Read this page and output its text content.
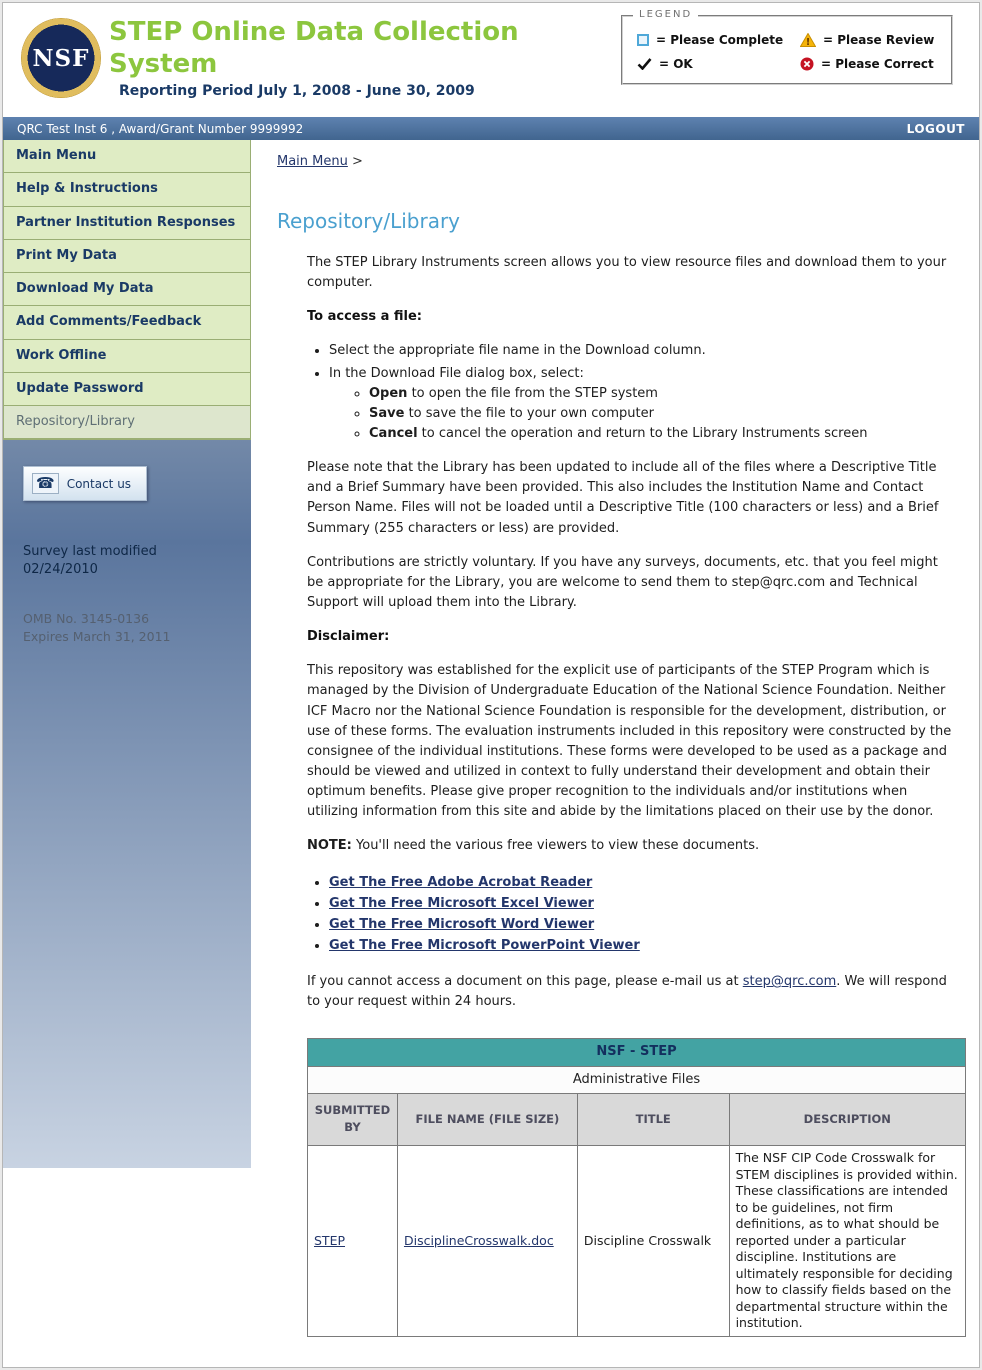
NSF
STEP Online Data Collection
System
Reporting Period July 1, 2008 - June 30, 2009
LEGEND
= Please Complete ! = Please Review
= OK	= Please Correct
QRC Test Inst 6 , Award/Grant Number 9999992	LOGOUT
Main Menu
Help & Instructions
Partner Institution Responses
Print My Data
Download My Data
Add Comments/Feedback
Work Offline
Update Password
Repository/Library
☎	Contact us
Survey last modified
02/24/2010
OMB No. 3145-0136
Expires March 31, 2011
Main Menu >
Repository/Library

The STEP Library Instruments screen allows you to view resource files and download them to your computer.

To access a file:

• Select the appropriate file name in the Download column.
• In the Download File dialog box, select:
◦ Open to open the file from the STEP system
◦ Save to save the file to your own computer
◦ Cancel to cancel the operation and return to the Library Instruments screen

Please note that the Library has been updated to include all of the files where a Descriptive Title and a Brief Summary have been provided. This also includes the Institution Name and Contact Person Name. Files will not be loaded until a Descriptive Title (100 characters or less) and a Brief Summary (255 characters or less) are provided.

Contributions are strictly voluntary. If you have any surveys, documents, etc. that you feel might be appropriate for the Library, you are welcome to send them to step@qrc.com and Technical Support will upload them into the Library.

Disclaimer:

This repository was established for the explicit use of participants of the STEP Program which is managed by the Division of Undergraduate Education of the National Science Foundation. Neither ICF Macro nor the National Science Foundation is responsible for the development, distribution, or use of these forms. The evaluation instruments included in this repository were constructed by the consignee of the individual institutions. These forms were developed to be used as a package and should be viewed and utilized in context to fully understand their development and obtain their optimum benefits. Please give proper recognition to the individuals and/or institutions when utilizing information from this site and abide by the limitations placed on their use by the donor.

NOTE: You'll need the various free viewers to view these documents.

• Get The Free Adobe Acrobat Reader
• Get The Free Microsoft Excel Viewer
• Get The Free Microsoft Word Viewer
• Get The Free Microsoft PowerPoint Viewer

If you cannot access a document on this page, please e-mail us at step@qrc.com. We will respond to your request within 24 hours.

NSF - STEP			
Administrative Files			
SUBMITTED BY	FILE NAME (FILE SIZE)	TITLE	DESCRIPTION
STEP	DisciplineCrosswalk.doc	Discipline Crosswalk	The NSF CIP Code Crosswalk for STEM disciplines is provided within. These classifications are intended to be guidelines, not firm definitions, as to what should be reported under a particular discipline. Institutions are ultimately responsible for deciding how to classify fields based on the departmental structure within the institution.
